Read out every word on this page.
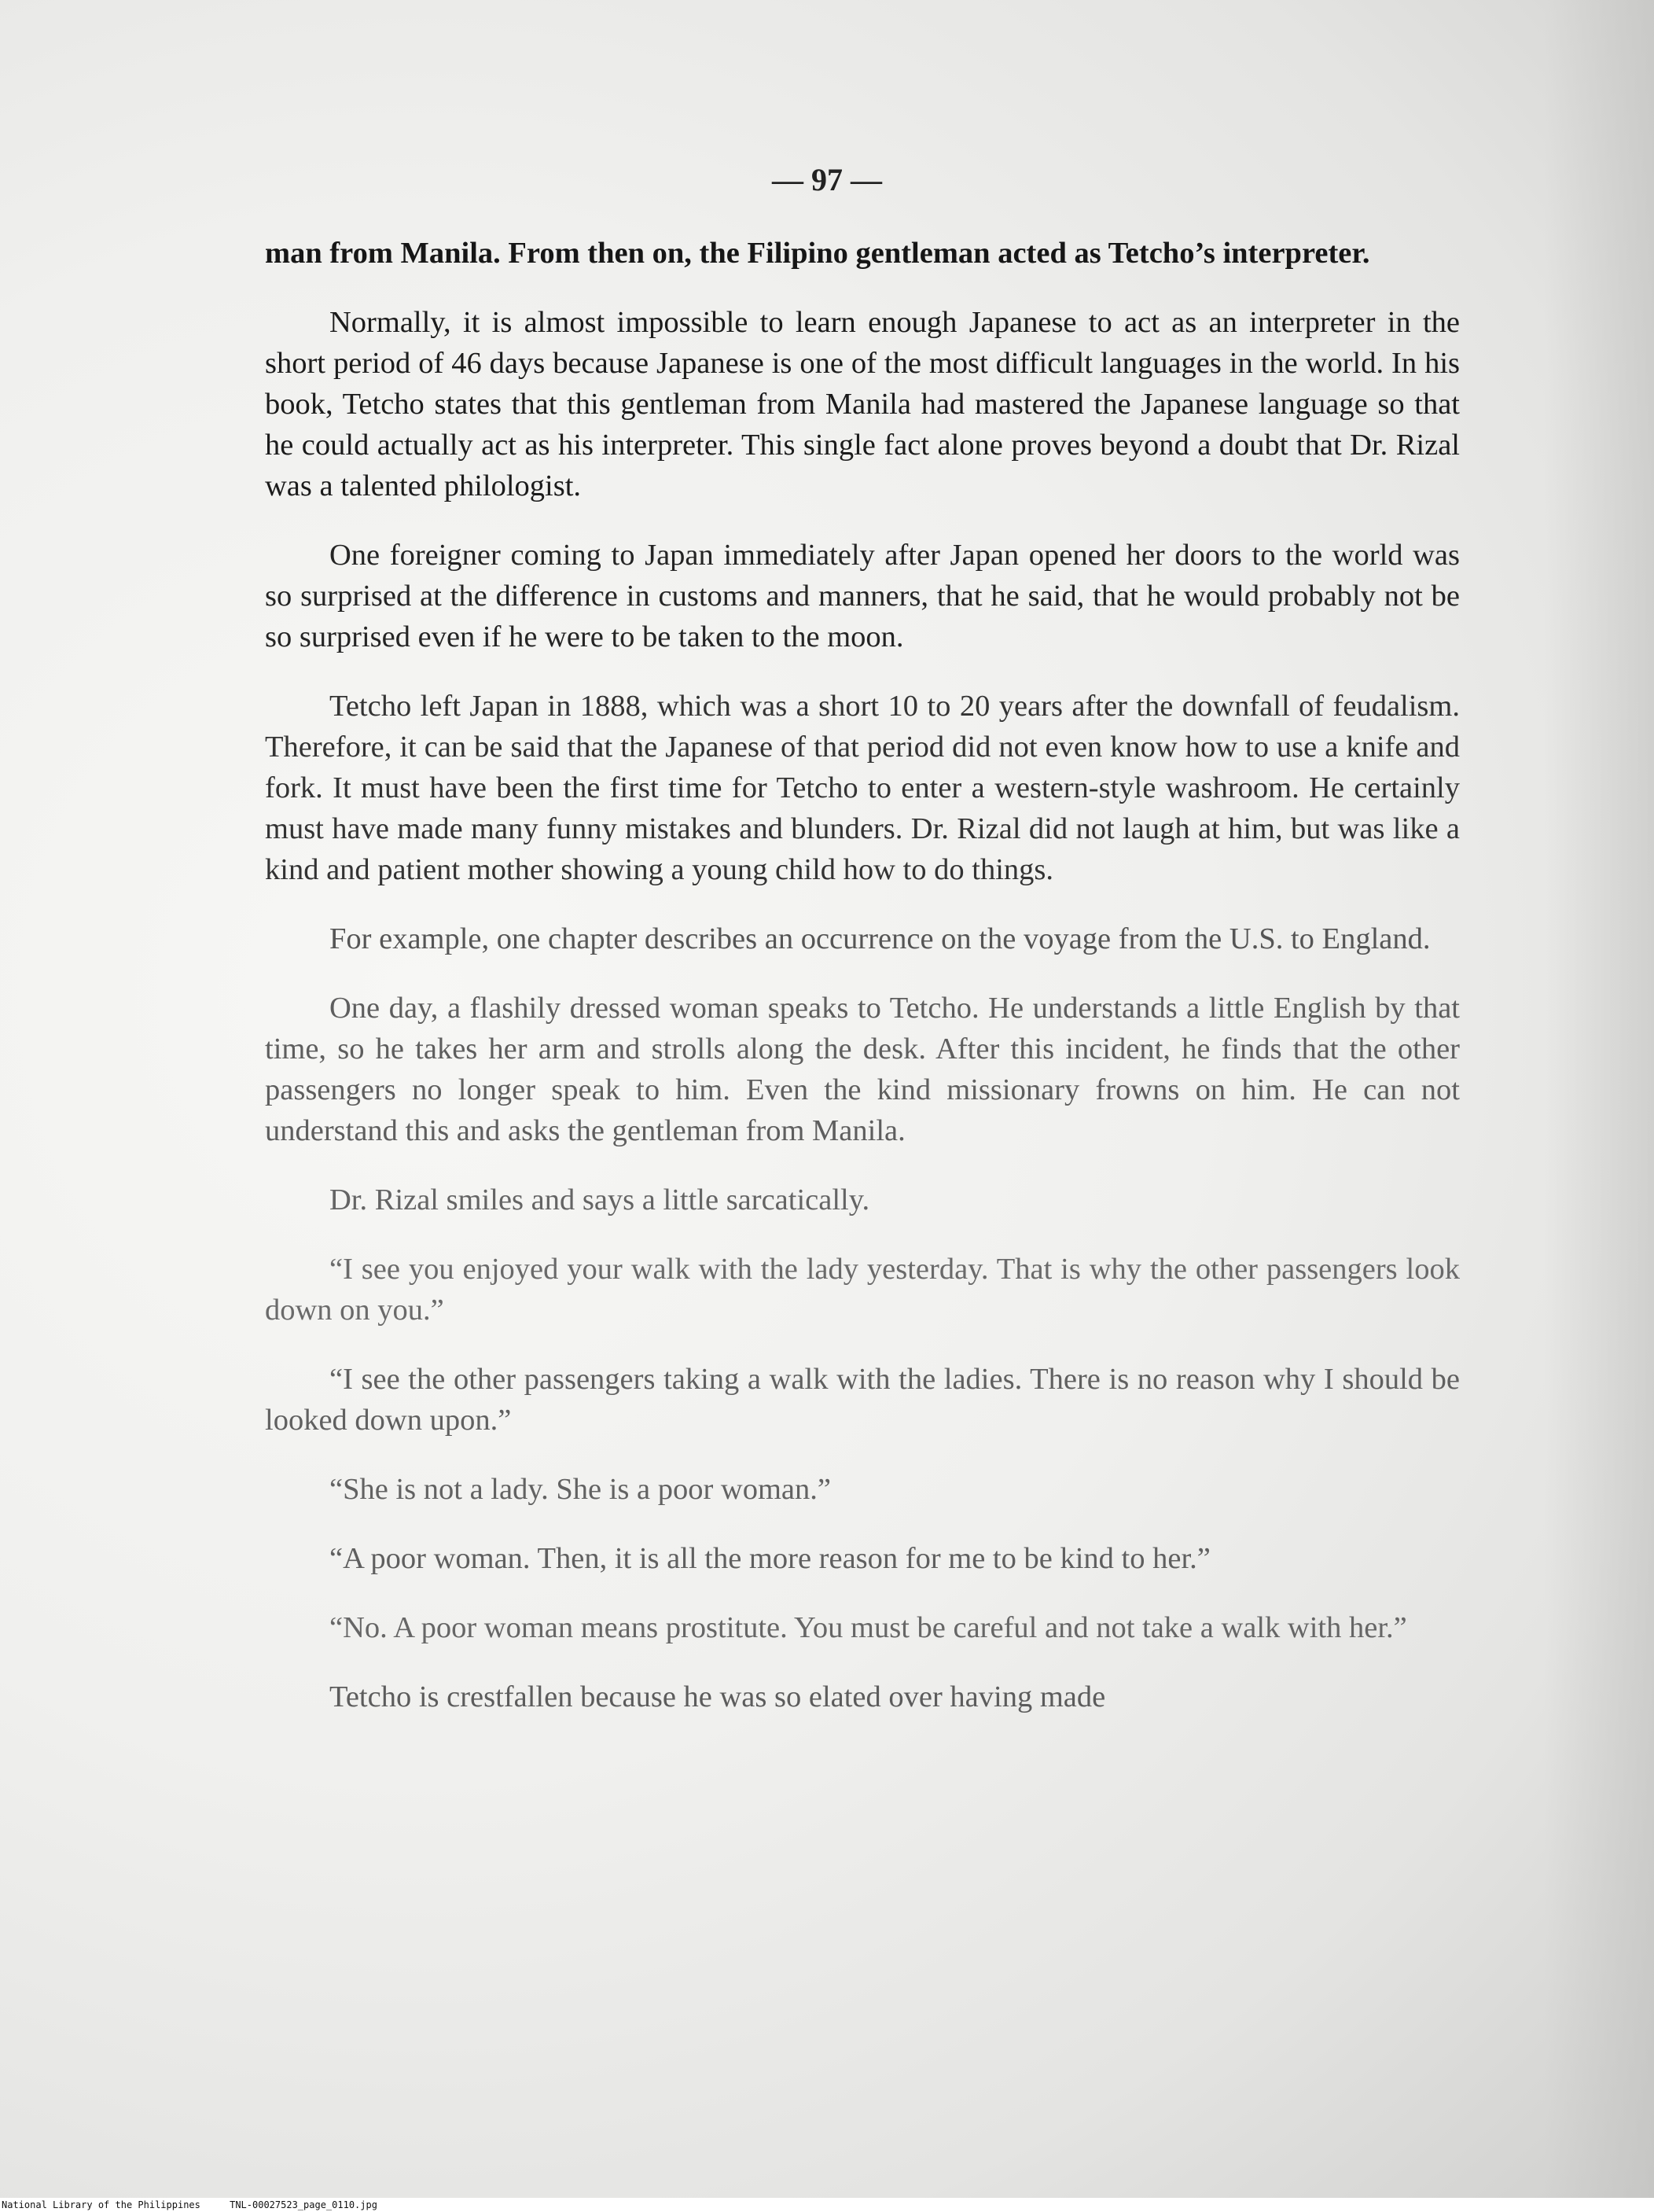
— 97 —

man from Manila. From then on, the Filipino gentleman acted as Tetcho’s interpreter.

Normally, it is almost impossible to learn enough Japanese to act as an interpreter in the short period of 46 days because Japanese is one of the most difficult languages in the world. In his book, Tetcho states that this gentleman from Manila had mastered the Japanese language so that he could actually act as his interpreter. This single fact alone proves beyond a doubt that Dr. Rizal was a talented philologist.

One foreigner coming to Japan immediately after Japan opened her doors to the world was so surprised at the difference in customs and manners, that he said, that he would probably not be so surprised even if he were to be taken to the moon.

Tetcho left Japan in 1888, which was a short 10 to 20 years after the downfall of feudalism. Therefore, it can be said that the Japanese of that period did not even know how to use a knife and fork. It must have been the first time for Tetcho to enter a western-style washroom. He certainly must have made many funny mistakes and blunders. Dr. Rizal did not laugh at him, but was like a kind and patient mother showing a young child how to do things.

For example, one chapter describes an occurrence on the voyage from the U.S. to England.

One day, a flashily dressed woman speaks to Tetcho. He understands a little English by that time, so he takes her arm and strolls along the desk. After this incident, he finds that the other passengers no longer speak to him. Even the kind missionary frowns on him. He can not understand this and asks the gentleman from Manila.

Dr. Rizal smiles and says a little sarcatically.

“I see you enjoyed your walk with the lady yesterday. That is why the other passengers look down on you.”

“I see the other passengers taking a walk with the ladies. There is no reason why I should be looked down upon.”

“She is not a lady. She is a poor woman.”

“A poor woman. Then, it is all the more reason for me to be kind to her.”

“No. A poor woman means prostitute. You must be careful and not take a walk with her.”

Tetcho is crestfallen because he was so elated over having made

National Library of the Philippines	TNL-00027523_page_0110.jpg
